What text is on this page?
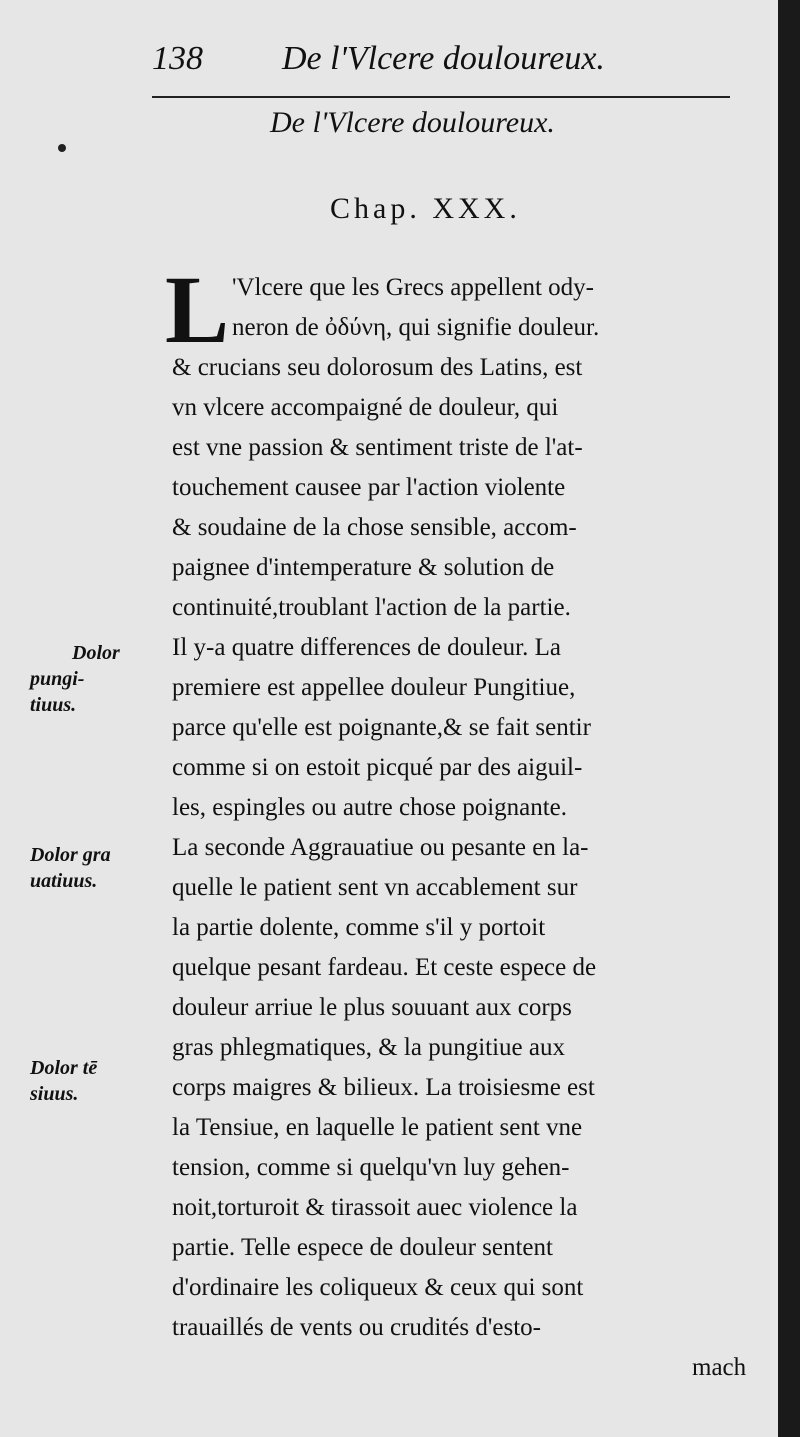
138 De l'Vlcere douloureux.
De l'Vlcere douloureux.
Chap. XXX.
L 'Vlcere que les Grecs appellent ody-
neron de ὀδύνη, qui signifie douleur.
& crucians seu dolorosum des Latins, est
vn vlcere accompaigné de douleur, qui
est vne passion & sentiment triste de l'at-
touchement causee par l'action violente
& soudaine de la chose sensible, accom-
paignee d'intemperature & solution de
continuité,troublant l'action de la partie.
Il y-a quatre differences de douleur. La
premiere est appellee douleur Pungitiue,
parce qu'elle est poignante,& se fait sentir
comme si on estoit picqué par des aiguil-
les, espingles ou autre chose poignante.
La seconde Aggrauatiue ou pesante en la-
quelle le patient sent vn accablement sur
la partie dolente, comme s'il y portoit
quelque pesant fardeau. Et ceste espece de
douleur arriue le plus souuant aux corps
gras phlegmatiques, & la pungitiue aux
corps maigres & bilieux. La troisiesme est
la Tensiue, en laquelle le patient sent vne
tension, comme si quelqu'vn luy gehen-
noit,torturoit & tirassoit auec violence la
partie. Telle espece de douleur sentent
d'ordinaire les coliqueux & ceux qui sont
trauaillés de vents ou crudités d'esto-
mach
Dolor
pungi-
tiuus.
Dolor gra
uatiuus.
Dolor tē
siuus.
